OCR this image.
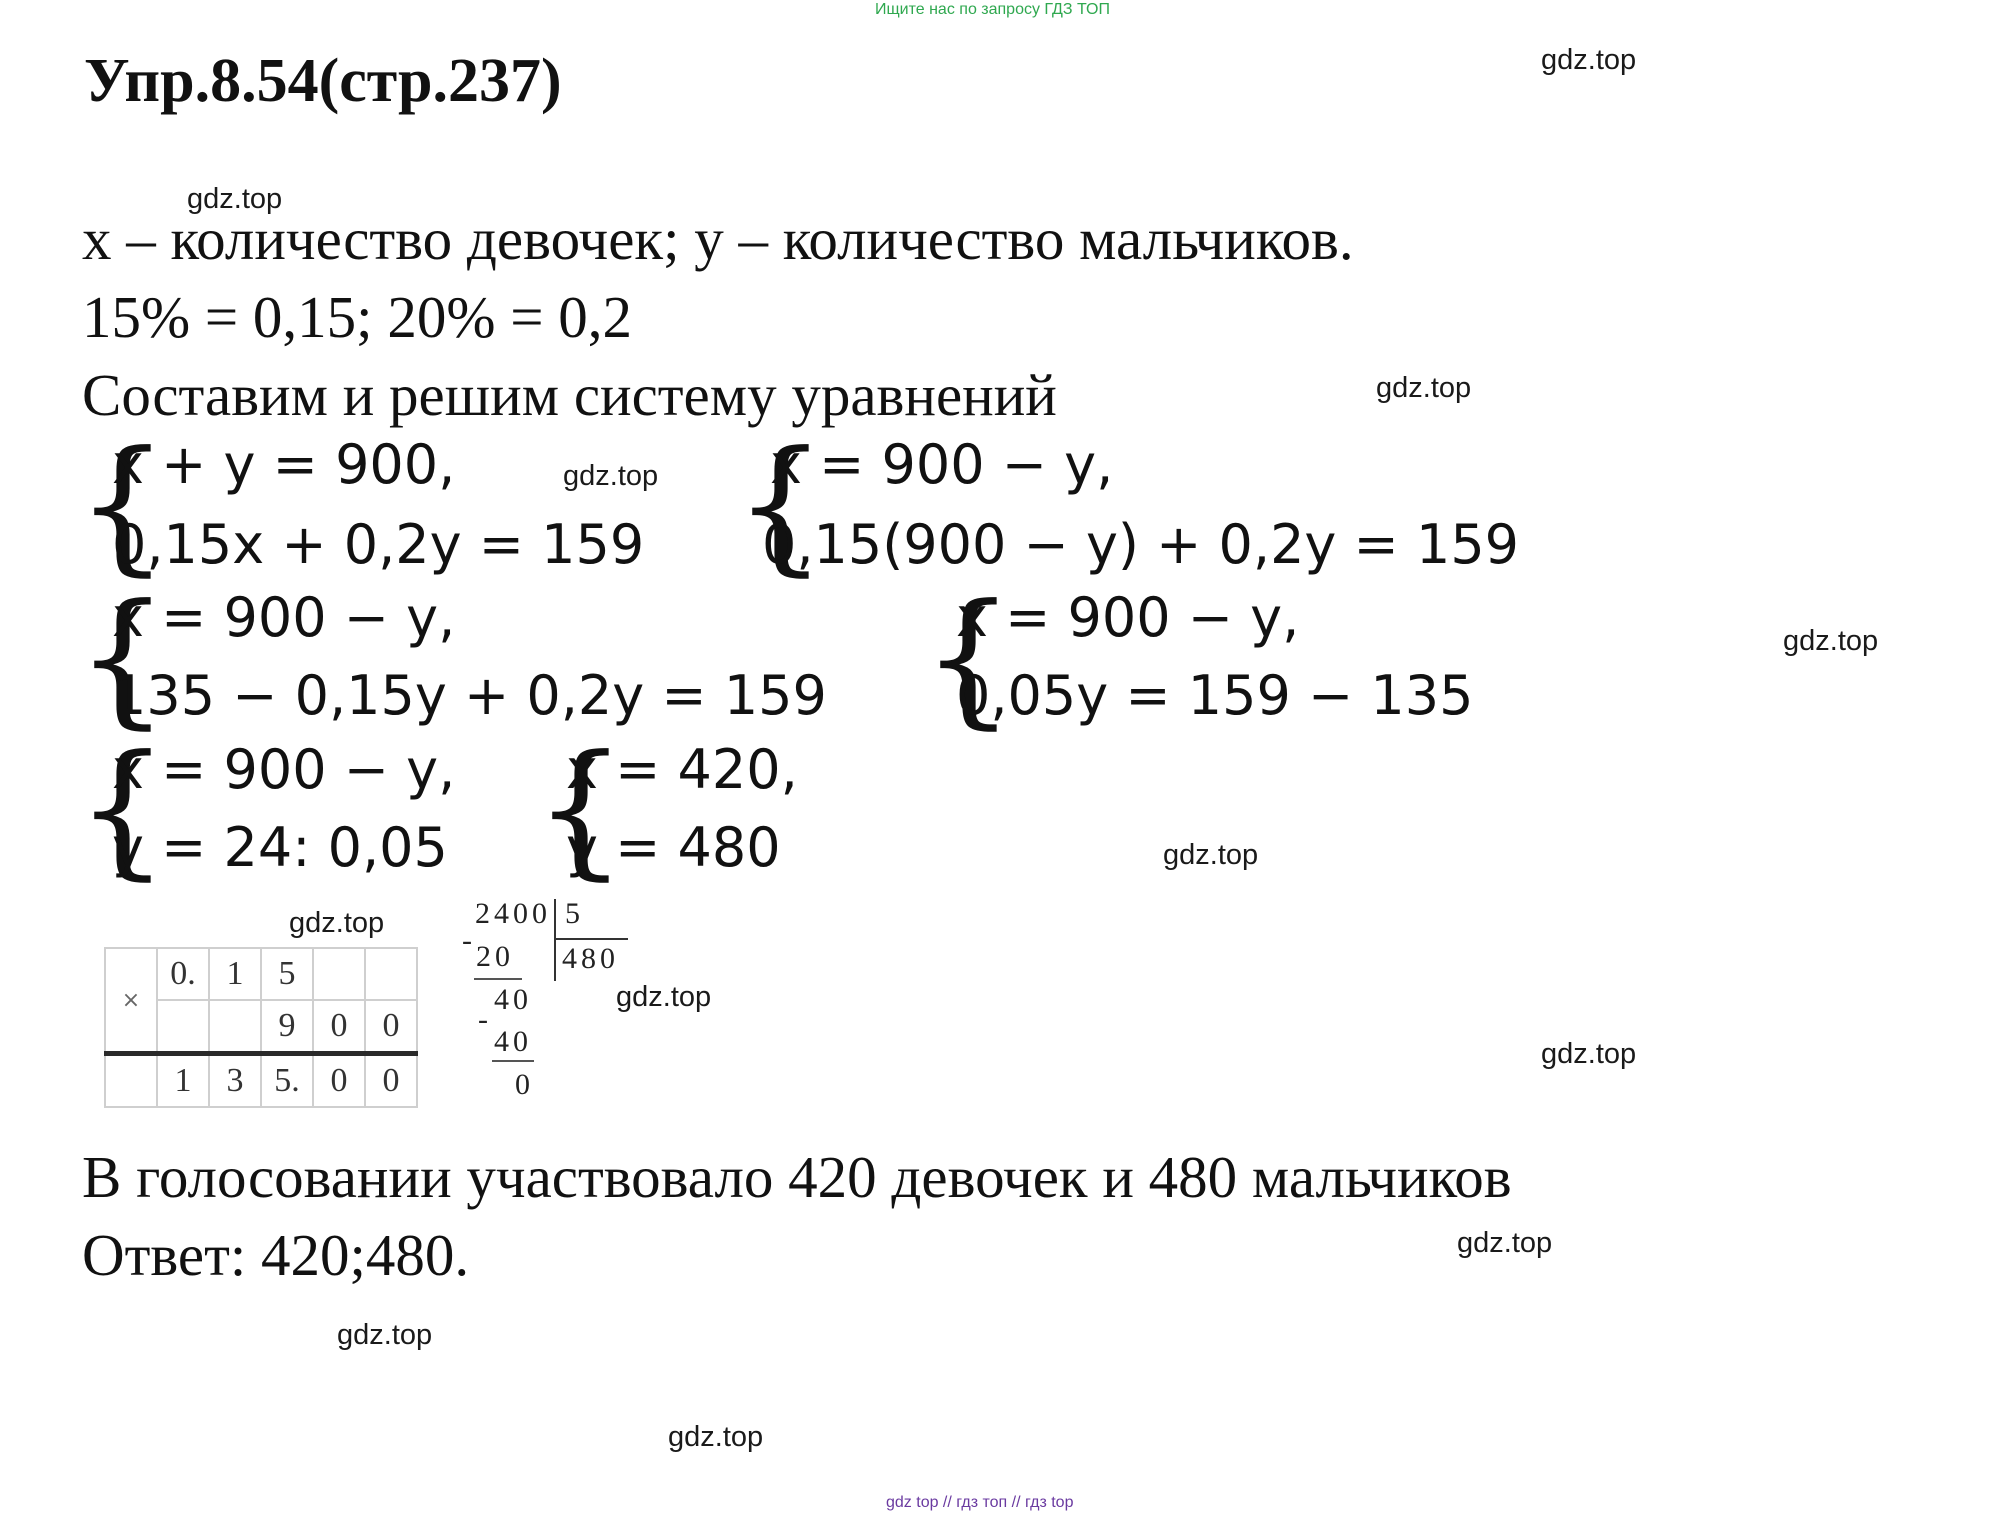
Ищите нас по запросу ГДЗ ТОП
Упр.8.54(стр.237)	gdz.top
gdz.top
gdz.top
gdz.top
gdz.top
gdz.top
gdz.top
gdz.top
gdz.top
gdz.top
gdz.top
gdz.top
x – количество девочек; y – количество мальчиков.
15% = 0,15; 20% = 0,2
Составим и решим систему уравнений
{
x + y = 900,
0,15x + 0,2y = 159 {
x = 900 − y,
0,15(900 − y) + 0,2y = 159
{
x = 900 − y,
135 − 0,15y + 0,2y = 159 {
x = 900 − y,
0,05y = 159 − 135
{
x = 900 − y,
y = 24: 0,05 {
x = 420,
y = 480
×	0.	1	5		
			9	0	0
	1	3	5.	0	0
2400 5
- 20 480
40
-
40
0
В голосовании участвовало 420 девочек и 480 мальчиков
Ответ: 420;480.
gdz top // гдз топ // гдз top
